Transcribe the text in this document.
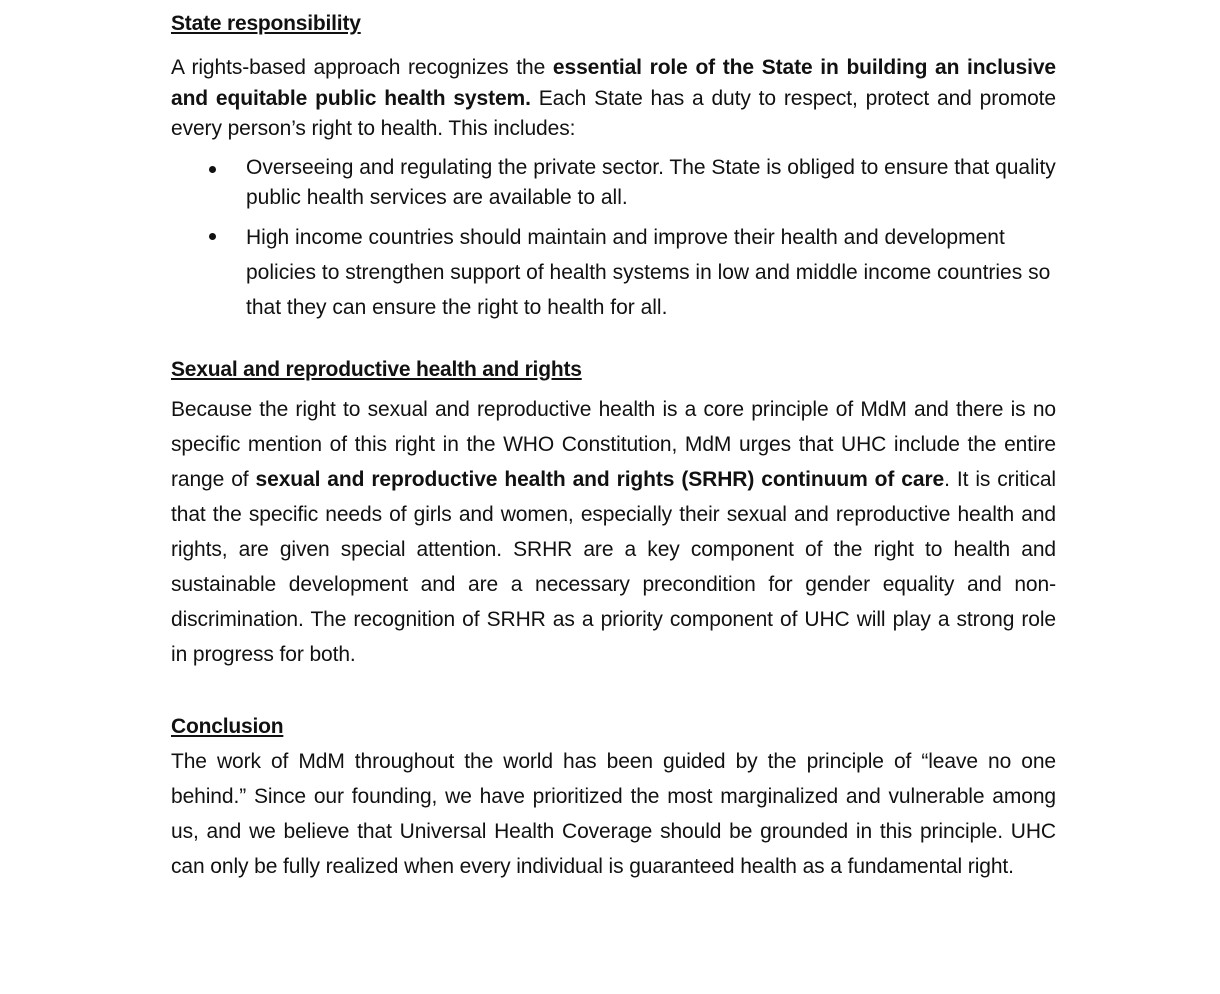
State responsibility

A rights-based approach recognizes the essential role of the State in building an inclusive and equitable public health system. Each State has a duty to respect, protect and promote every person’s right to health. This includes:

Overseeing and regulating the private sector. The State is obliged to ensure that quality public health services are available to all.
High income countries should maintain and improve their health and development policies to strengthen support of health systems in low and middle income countries so that they can ensure the right to health for all.
Sexual and reproductive health and rights

Because the right to sexual and reproductive health is a core principle of MdM and there is no specific mention of this right in the WHO Constitution, MdM urges that UHC include the entire range of sexual and reproductive health and rights (SRHR) continuum of care. It is critical that the specific needs of girls and women, especially their sexual and reproductive health and rights, are given special attention. SRHR are a key component of the right to health and sustainable development and are a necessary precondition for gender equality and non-discrimination. The recognition of SRHR as a priority component of UHC will play a strong role in progress for both.

Conclusion

The work of MdM throughout the world has been guided by the principle of “leave no one behind.” Since our founding, we have prioritized the most marginalized and vulnerable among us, and we believe that Universal Health Coverage should be grounded in this principle. UHC can only be fully realized when every individual is guaranteed health as a fundamental right.
